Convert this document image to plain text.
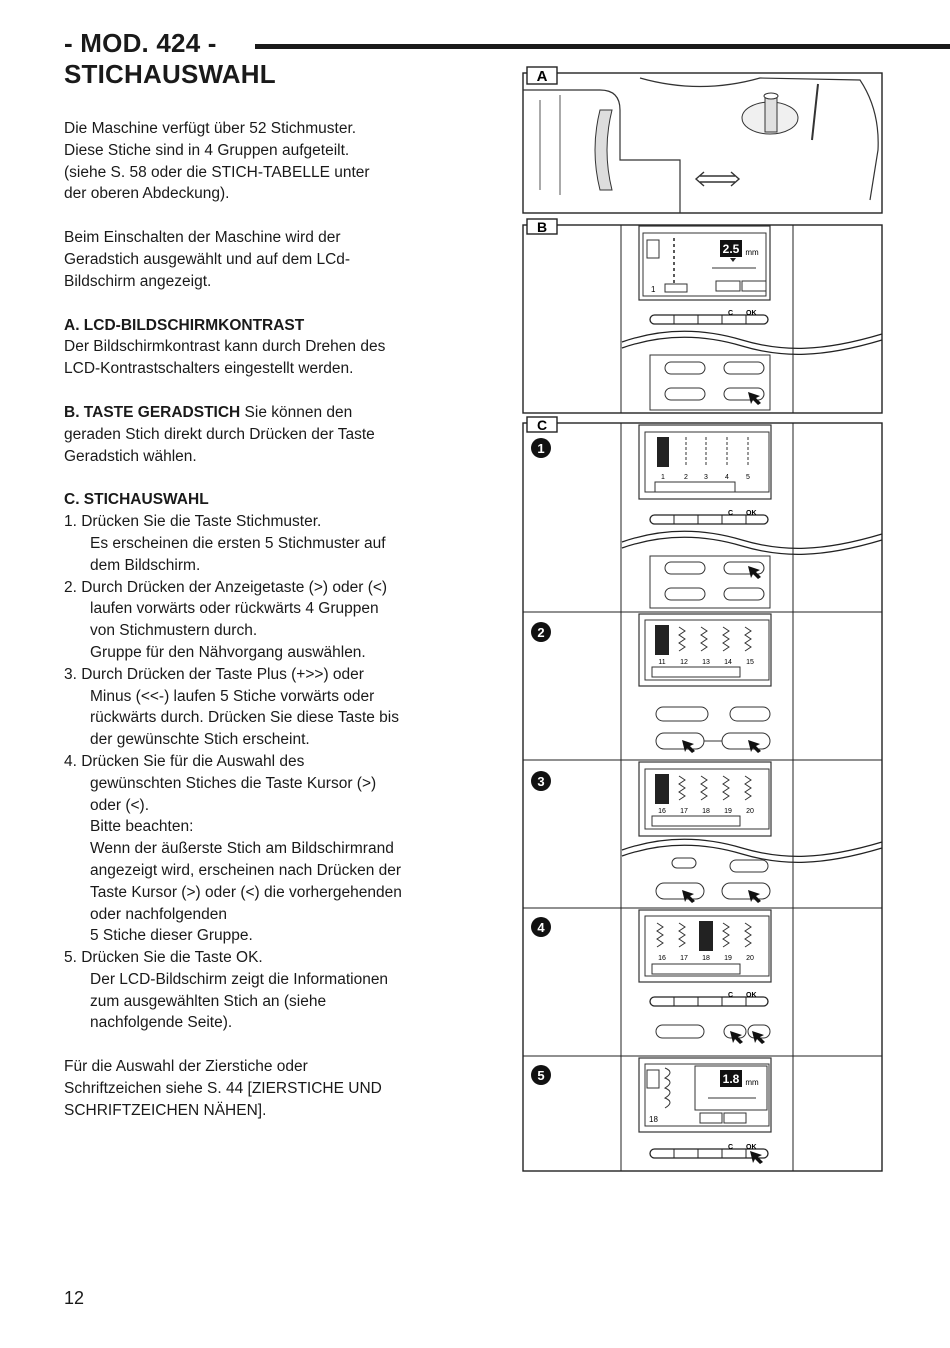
- MOD. 424 -
STICHAUSWAHL

Die Maschine verfügt über 52 Stichmuster.

Diese Stiche sind in 4 Gruppen aufgeteilt.

(siehe S. 58 oder die STICH-TABELLE unter

der oberen Abdeckung).

Beim Einschalten der Maschine wird der

Geradstich ausgewählt und auf dem LCd-

Bildschirm angezeigt.

A. LCD-BILDSCHIRMKONTRAST

Der Bildschirmkontrast kann durch Drehen des

LCD-Kontrastschalters eingestellt werden.

B. TASTE GERADSTICH Sie können den

geraden Stich direkt durch Drücken der Taste

Geradstich wählen.

C. STICHAUSWAHL

1. Drücken Sie die Taste Stichmuster.

Es erscheinen die ersten 5 Stichmuster auf

dem Bildschirm.

2. Durch Drücken der Anzeigetaste (>) oder (<)

laufen vorwärts oder rückwärts 4 Gruppen

von Stichmustern durch.

Gruppe für den Nähvorgang auswählen.

3. Durch Drücken der Taste Plus (+>>) oder

Minus (<<-) laufen 5 Stiche vorwärts oder

rückwärts durch. Drücken Sie diese Taste bis

der gewünschte Stich erscheint.

4. Drücken Sie für die Auswahl des

gewünschten Stiches die Taste Kursor (>)

oder (<).

Bitte beachten:

Wenn der äußerste Stich am Bildschirmrand

angezeigt wird, erscheinen nach Drücken der

Taste Kursor (>) oder (<) die vorhergehenden

oder nachfolgenden

5 Stiche dieser Gruppe.

5. Drücken Sie die Taste OK.

Der LCD-Bildschirm zeigt die Informationen

zum ausgewählten Stich an (siehe

nachfolgende Seite).

Für die Auswahl der Zierstiche oder

Schriftzeichen siehe S. 44 [ZIERSTICHE UND

SCHRIFTZEICHEN NÄHEN].

12
A
B
2.5 mm
1
C OK
C
1
2
3
4
5
1	2 3 4 5
C OK
11 12 13 14 15
16 17 18 19 20
16 17 18 19 20
C OK
1.8 mm
18
C OK
